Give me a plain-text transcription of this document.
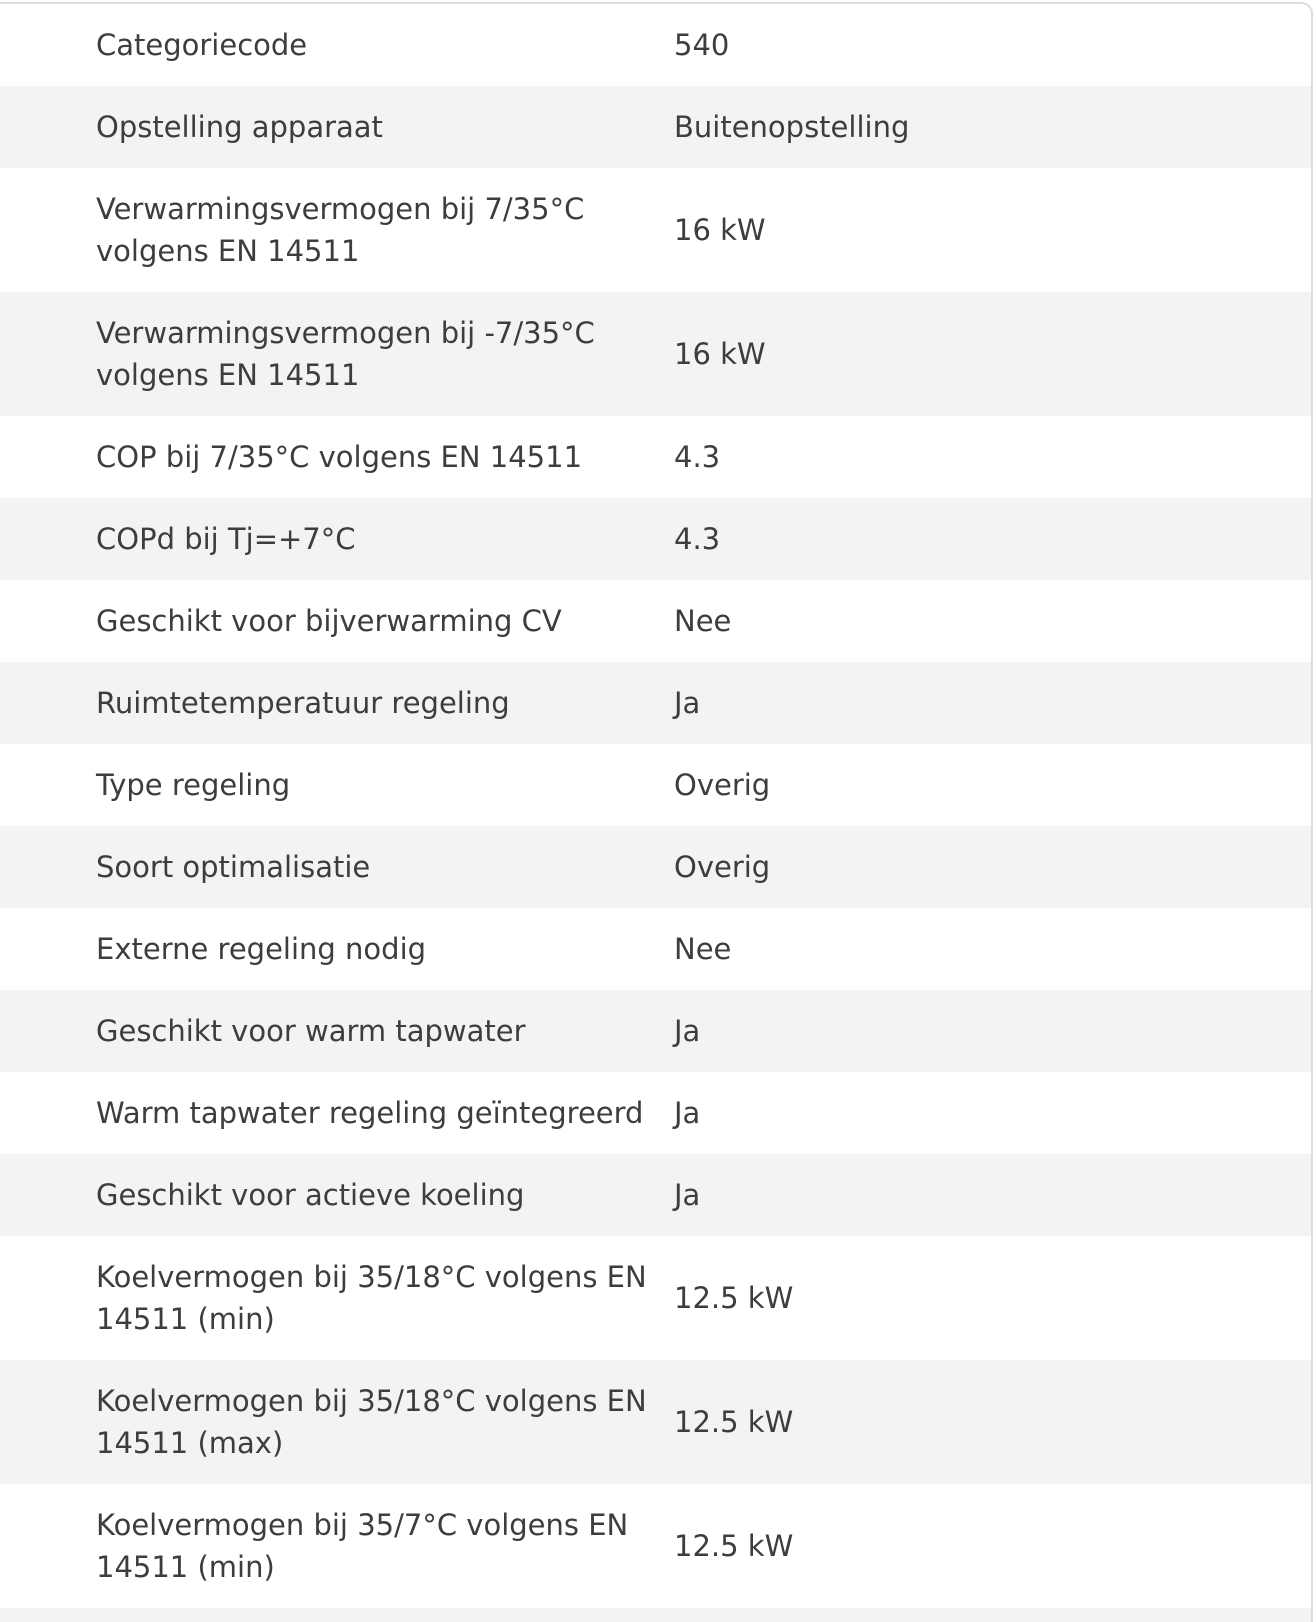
Categoriecode	540
Opstelling apparaat	Buitenopstelling
Verwarmingsvermogen bij 7/35°C volgens EN 14511	16 kW
Verwarmingsvermogen bij -7/35°C volgens EN 14511	16 kW
COP bij 7/35°C volgens EN 14511	4.3
COPd bij Tj=+7°C	4.3
Geschikt voor bijverwarming CV	Nee
Ruimtetemperatuur regeling	Ja
Type regeling	Overig
Soort optimalisatie	Overig
Externe regeling nodig	Nee
Geschikt voor warm tapwater	Ja
Warm tapwater regeling geïntegreerd	Ja
Geschikt voor actieve koeling	Ja
Koelvermogen bij 35/18°C volgens EN 14511 (min)	12.5 kW
Koelvermogen bij 35/18°C volgens EN 14511 (max)	12.5 kW
Koelvermogen bij 35/7°C volgens EN 14511 (min)	12.5 kW
